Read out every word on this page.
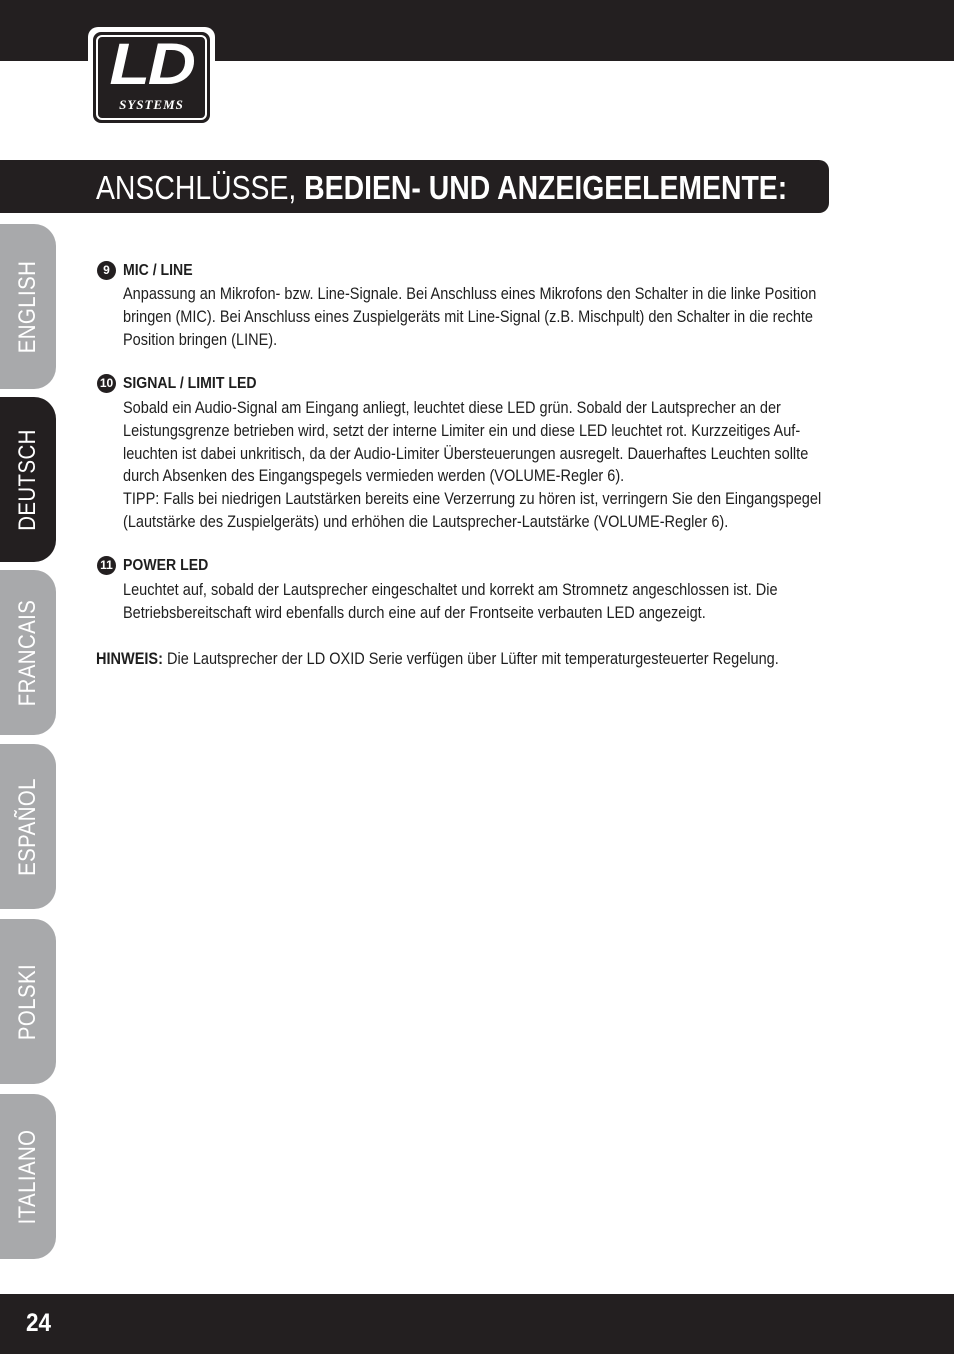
LD
SYSTEMS
ANSCHLÜSSE, BEDIEN- UND ANZEIGEELEMENTE:
ENGLISH
DEUTSCH
FRANCAIS
ESPAÑOL
POLSKI
ITALIANO
9 MIC / LINE
Anpassung an Mikrofon- bzw. Line-Signale. Bei Anschluss eines Mikrofons den Schalter in die linke Position
bringen (MIC). Bei Anschluss eines Zuspielgeräts mit Line-Signal (z.B. Mischpult) den Schalter in die rechte
Position bringen (LINE).
10 SIGNAL / LIMIT LED
Sobald ein Audio-Signal am Eingang anliegt, leuchtet diese LED grün. Sobald der Lautsprecher an der
Leistungsgrenze betrieben wird, setzt der interne Limiter ein und diese LED leuchtet rot. Kurzzeitiges Auf-
leuchten ist dabei unkritisch, da der Audio-Limiter Übersteuerungen ausregelt. Dauerhaftes Leuchten sollte
durch Absenken des Eingangspegels vermieden werden (VOLUME-Regler 6).
TIPP: Falls bei niedrigen Lautstärken bereits eine Verzerrung zu hören ist, verringern Sie den Eingangspegel
(Lautstärke des Zuspielgeräts) und erhöhen die Lautsprecher-Lautstärke (VOLUME-Regler 6).
11 POWER LED
Leuchtet auf, sobald der Lautsprecher eingeschaltet und korrekt am Stromnetz angeschlossen ist. Die
Betriebsbereitschaft wird ebenfalls durch eine auf der Frontseite verbauten LED angezeigt.
HINWEIS: Die Lautsprecher der LD OXID Serie verfügen über Lüfter mit temperaturgesteuerter Regelung.
24
